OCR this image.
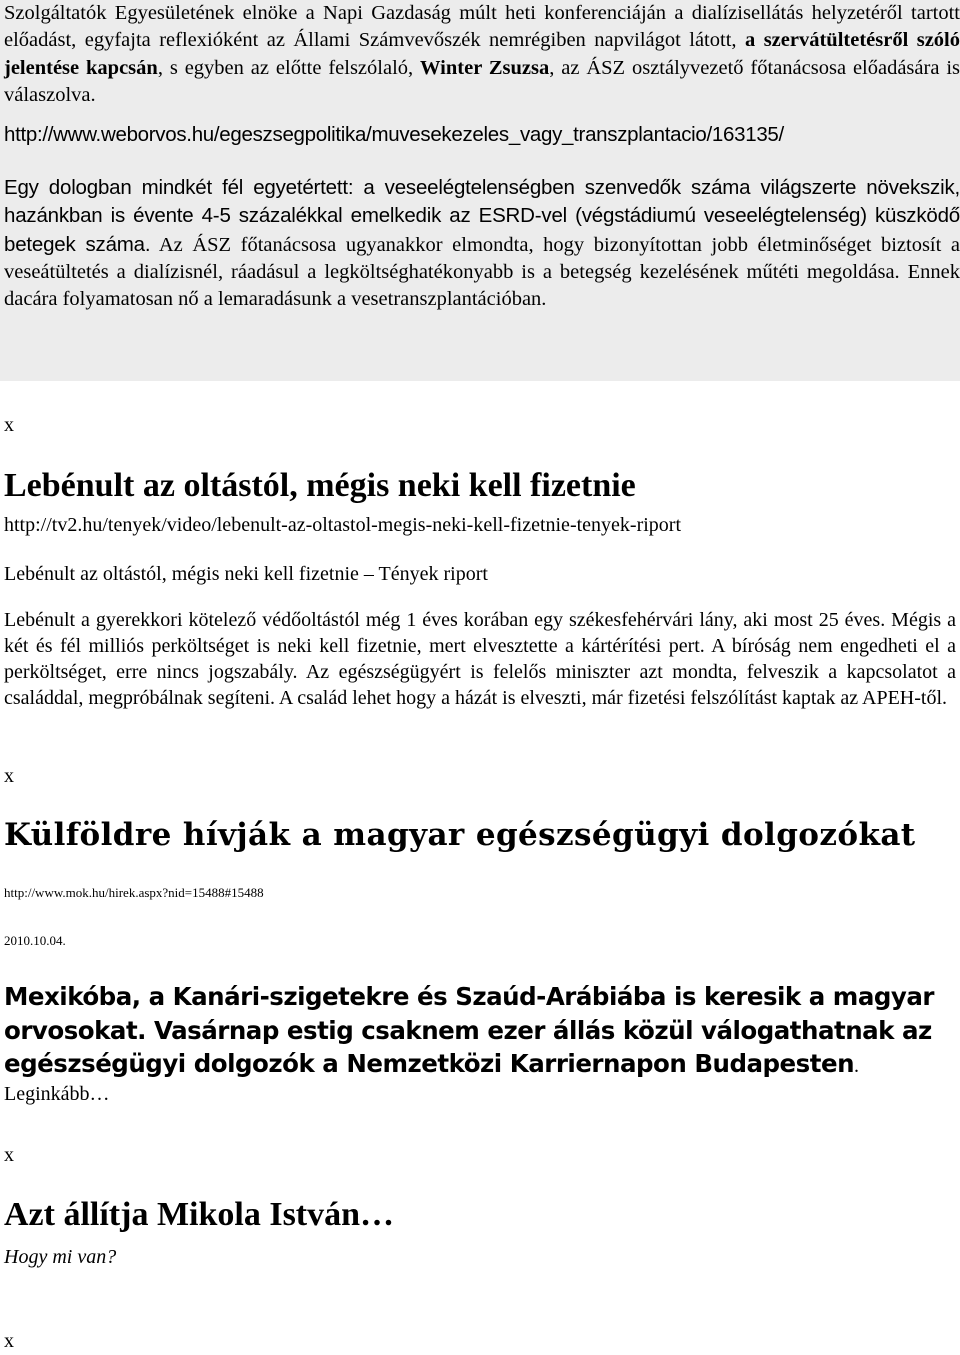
Szolgáltatók Egyesületének elnöke a Napi Gazdaság múlt heti konferenciáján a dialízisellátás helyzetéről tartott előadást, egyfajta reflexióként az Állami Számvevőszék nemrégiben napvilágot látott, a szervátültetésről szóló jelentése kapcsán, s egyben az előtte felszólaló, Winter Zsuzsa, az ÁSZ osztályvezető főtanácsosa előadására is válaszolva.

http://www.weborvos.hu/egeszsegpolitika/muvesekezeles_vagy_transzplantacio/163135/

Egy dologban mindkét fél egyetértett: a veseelégtelenségben szenvedők száma világszerte növekszik, hazánkban is évente 4-5 százalékkal emelkedik az ESRD-vel (végstádiumú veseelégtelenség) küszködő betegek száma. Az ÁSZ főtanácsosa ugyanakkor elmondta, hogy bizonyítottan jobb életminőséget biztosít a veseátültetés a dialízisnél, ráadásul a legköltséghatékonyabb is a betegség kezelésének műtéti megoldása. Ennek dacára folyamatosan nő a lemaradásunk a vesetranszplantációban.

x

Lebénult az oltástól, mégis neki kell fizetnie

http://tv2.hu/tenyek/video/lebenult-az-oltastol-megis-neki-kell-fizetnie-tenyek-riport

Lebénult az oltástól, mégis neki kell fizetnie – Tények riport

Lebénult a gyerekkori kötelező védőoltástól még 1 éves korában egy székesfehérvári lány, aki most 25 éves. Mégis a két és fél milliós perköltséget is neki kell fizetnie, mert elvesztette a kártérítési pert. A bíróság nem engedheti el a perköltséget, erre nincs jogszabály. Az egészségügyért is felelős miniszter azt mondta, felveszik a kapcsolatot a családdal, megpróbálnak segíteni. A család lehet hogy a házát is elveszti, már fizetési felszólítást kaptak az APEH-től.

x

Külföldre hívják a magyar egészségügyi dolgozókat

http://www.mok.hu/hirek.aspx?nid=15488#15488

2010.10.04.

Mexikóba, a Kanári-szigetekre és Szaúd-Arábiába is keresik a magyar orvosokat. Vasárnap estig csaknem ezer állás közül válogathatnak az egészségügyi dolgozók a Nemzetközi Karriernapon Budapesten.
Leginkább…

x

Azt állítja Mikola István…

Hogy mi van?

x
